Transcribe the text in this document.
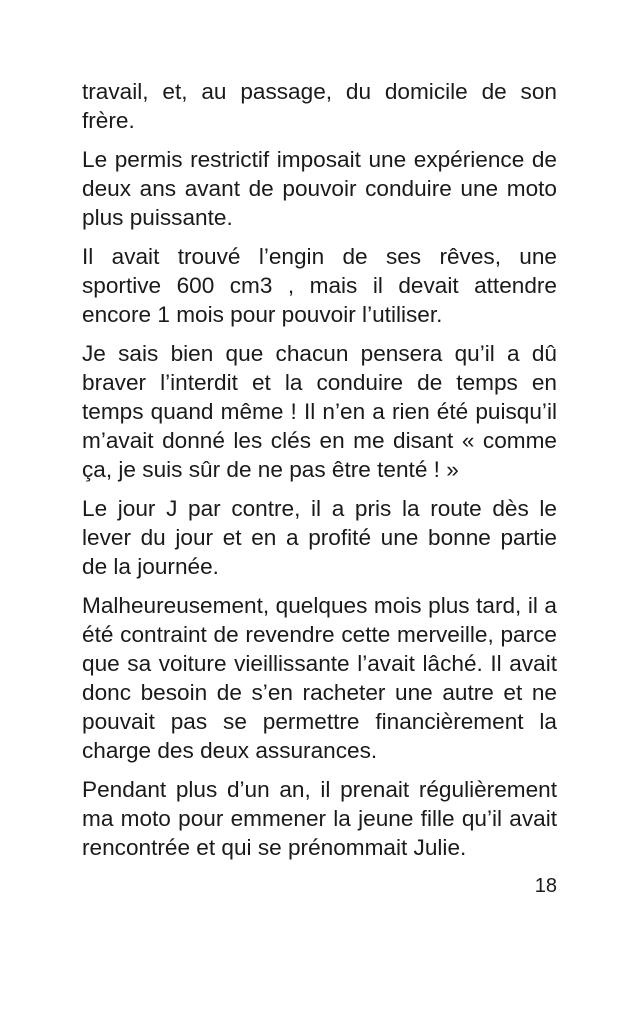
travail, et, au passage, du domicile de son frère.

Le permis restrictif imposait une expérience de deux ans avant de pouvoir conduire une moto plus puissante.

Il avait trouvé l’engin de ses rêves, une sportive 600 cm3 , mais il devait attendre encore 1 mois pour pouvoir l’utiliser.

Je sais bien que chacun pensera qu’il a dû braver l’interdit et la conduire de temps en temps quand même ! Il n’en a rien été puisqu’il m’avait donné les clés en me disant « comme ça, je suis sûr de ne pas être tenté ! »

Le jour J par contre, il a pris la route dès le lever du jour et en a profité une bonne partie de la journée.

Malheureusement, quelques mois plus tard, il a été contraint de revendre cette merveille, parce que sa voiture vieillissante l’avait lâché. Il avait donc besoin de s’en racheter une autre et ne pouvait pas se permettre financièrement la charge des deux assurances.

Pendant plus d’un an, il prenait régulièrement ma moto pour emmener la jeune fille qu’il avait rencontrée et qui se prénommait Julie.

18
